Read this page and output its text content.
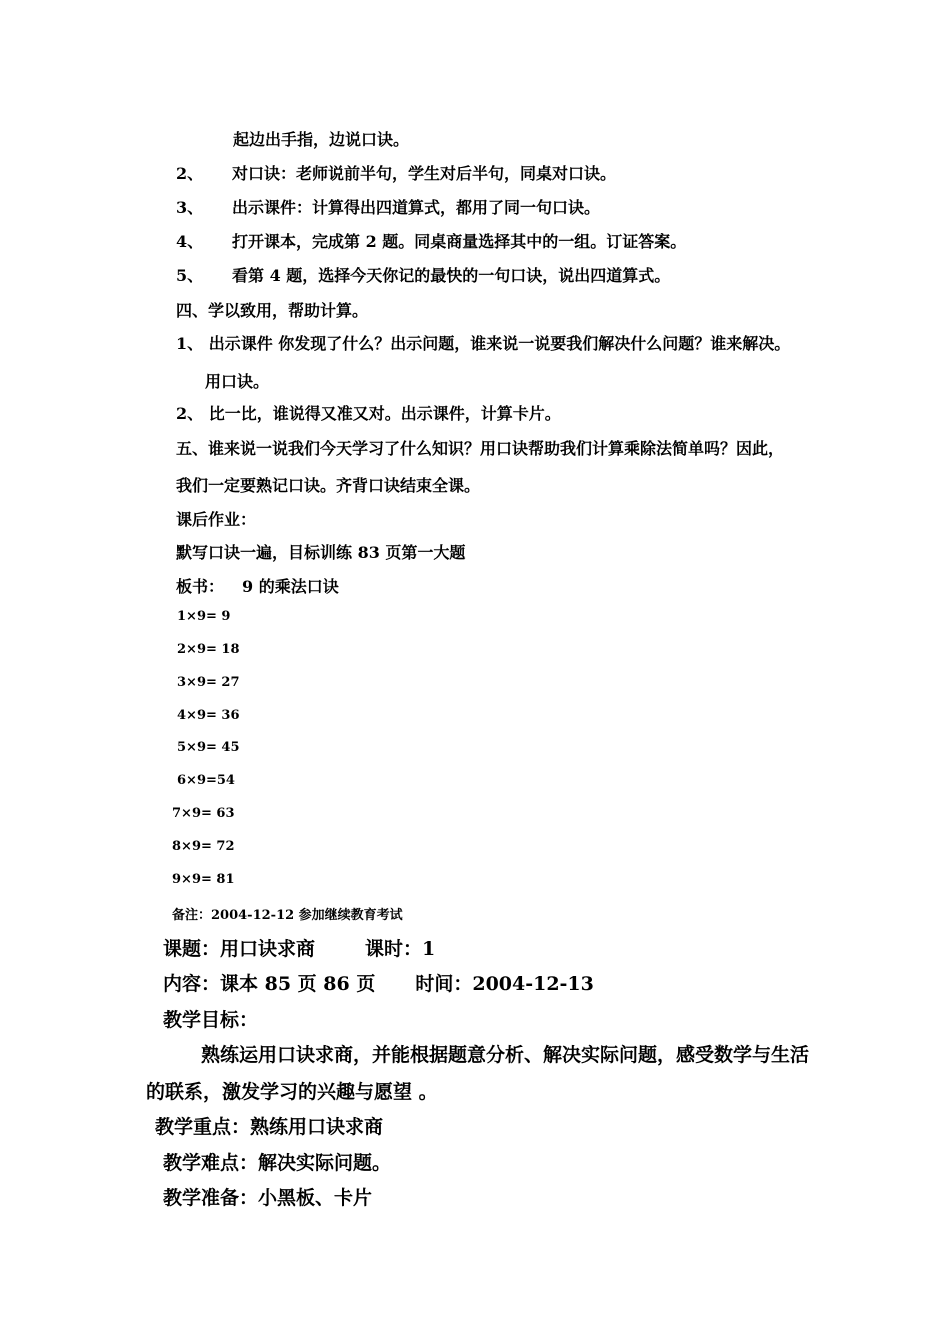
起边出手指，边说口诀。
2、 对口诀：老师说前半句，学生对后半句，同桌对口诀。
3、 出示课件：计算得出四道算式，都用了同一句口诀。
4、 打开课本，完成第 2 题。同桌商量选择其中的一组。订证答案。
5、 看第 4 题，选择今天你记的最快的一句口诀，说出四道算式。
四、学以致用，帮助计算。
1、 出示课件 你发现了什么？出示问题，谁来说一说要我们解决什么问题？谁来解决。
用口诀。
2、 比一比，谁说得又准又对。出示课件，计算卡片。
五、谁来说一说我们今天学习了什么知识？用口诀帮助我们计算乘除法简单吗？因此，
我们一定要熟记口诀。齐背口诀结束全课。
课后作业：
默写口诀一遍，目标训练 83 页第一大题
板书： 9 的乘法口诀
1×9= 9
2×9= 18
3×9= 27
4×9= 36
5×9= 45
6×9=54
7×9= 63
8×9= 72
9×9= 81
备注：2004-12-12 参加继续教育考试
课题：用口诀求商	课时：1
内容：课本 85 页 86 页 时间：2004-12-13
教学目标：
熟练运用口诀求商，并能根据题意分析、解决实际问题，感受数学与生活
的联系，激发学习的兴趣与愿望 。
教学重点：熟练用口诀求商
教学难点：解决实际问题。
教学准备：小黑板、卡片
